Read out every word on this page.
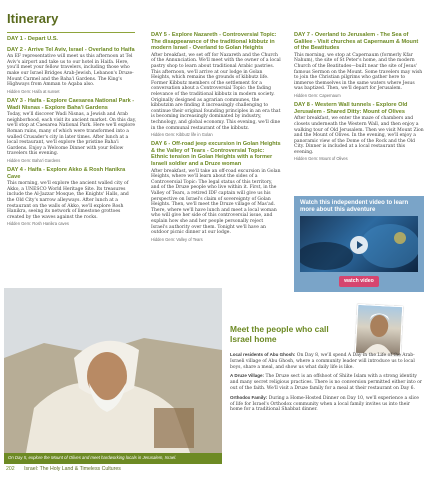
Itinerary

DAY 1 - Depart U.S.

DAY 2 - Arrive Tel Aviv, Israel - Overland to Haifa

An EF representative will meet us this afternoon at Tel Aviv's airport and take us to our hotel in Haifa. Here, you'll meet your fellow travelers, including those who make our Israel Bridges Arab-Jewish, Lebanon's Druze-Mount Carmel and the Baha'i Gardens. The King's Highways from Amman to Aqaba also.

Hidden Gem: Haifa at sunset

DAY 3 - Haifa - Explore Caesarea National Park - Wadi Nisnas - Explore Baha'i Gardens

Today, we'll discover Wadi Nisnas, a Jewish and Arab neighborhood, each visit its ancient market. On this day, we'll stop at Caesarea National Park. Here we'll explore Roman ruins, many of which were transformed into a walled Crusader's city in later times. After lunch at a local restaurant, we'll explore the pristine Baha'i Gardens. Enjoy a Welcome Dinner with your fellow travelers this evening.

Hidden Gem: Baha'i Gardens

DAY 4 - Haifa - Explore Akko & Rosh Hanikra Cave

This morning, we'll explore the ancient walled city of Akko, a UNESCO World Heritage Site. Its treasures include the Al-Jazzar Mosque, the Knights' Halls, and the Old City's narrow alleyways. After lunch at a restaurant on the walls of Akko, we'll explore Rosh Hanikra, seeing its network of limestone grottoes created by the waves against the rocks.

Hidden Gem: Rosh Hanikra caves

DAY 5 - Explore Nazareth - Controversial Topic: The disappearance of the traditional kibbutz in modern Israel - Overland to Golan Heights

After breakfast, we set off for Nazareth and the Church of the Annunciation. We'll meet with the owner of a local pastry shop to learn about traditional Arabic pastries. This afternoon, we'll arrive at our lodge in Golan Heights, which remains the grounds of kibbutz life. Former Kibbutz members of the settlement for a conversation about a Controversial Topic: the fading relevance of the traditional kibbutz in modern society. Originally designed as agrarian communes, the kibbutzim are finding it increasingly challenging to continue their original founding principles in an era that is becoming increasingly dominated by industry, technology, and global economy. This evening, we'll dine in the communal restaurant of the kibbutz.

Hidden Gem: Kibbutz life in Golan

DAY 6 - Off-road jeep excursion in Golan Heights & the Valley of Tears - Controversial Topic: Ethnic tension in Golan Heights with a former Israeli soldier and a Druze woman

After breakfast, we'll take an off-road excursion in Golan Heights, where we'll learn about the sides of a Controversial Topic: The legal status of this territory, and of the Druze people who live within it. First, in the Valley of Tears, a retired IDF captain will give us his perspective on Israel's claim of sovereignty of Golan Heights. Then, we'll meet the Druze village of Mas'ad. There, where we'll have lunch and meet a local woman who will give her side of this controversial issue, and explain how she and her people personally reject Israel's authority over them. Tonight we'll have an outdoor picnic dinner at our lodge.

Hidden Gem: Valley of Tears

DAY 7 - Overland to Jerusalem - The Sea of Galilee - Visit churches at Capernaum & Mount of the Beatitudes

This morning, we stop at Capernaum (formerly Kfar Nahum), the site of St Peter's home, and the modern Church of the Beatitudes—built near the site of Jesus' famous Sermon on the Mount. Some travelers may wish to join the Christian pilgrims who gather here to immerse themselves in the same waters where Jesus was baptized. Then, we'll depart for Jerusalem.

Hidden Gem: Capernaum

DAY 8 - Western Wall tunnels - Explore Old Jerusalem - Shared Ditty: Mount of Olives

After breakfast, we enter the maze of chambers and closets underneath the Western Wall, and then enjoy a walking tour of Old Jerusalem. Then we visit Mount Zion and the Mount of Olives. In the evening, we'll enjoy a panoramic view of the Dome of the Rock and the Old City. Dinner is included at a local restaurant this evening.

Hidden Gem: Mount of Olives

Watch this independent video to learn more about this adventure
watch video
On Day 5, explore the Mount of Olives and meet hardworking locals in Jerusalem, Israel.
202 Israel: The Holy Land & Timeless Cultures
Meet the people who call Israel home

Local residents of Abu Ghosh: On Day 8, we'll spend A Day in the Life of the Arab-Israeli village of Abu Ghosh, where a community leader will introduce us to local boys, share a meal, and show us what daily life is like.

A Druze Village: The Druze sect is an offshoot of Shiite Islam with a strong identity and many secret religious practices. There is no conversion permitted either into or out of the faith. We'll visit a Druze family for a meal at their restaurant on Day 6.

Orthodox Family: During a Home-Hosted Dinner on Day 10, we'll experience a slice of life for Israel's Orthodox community when a local family invites us into their home for a traditional Shabbat dinner.
